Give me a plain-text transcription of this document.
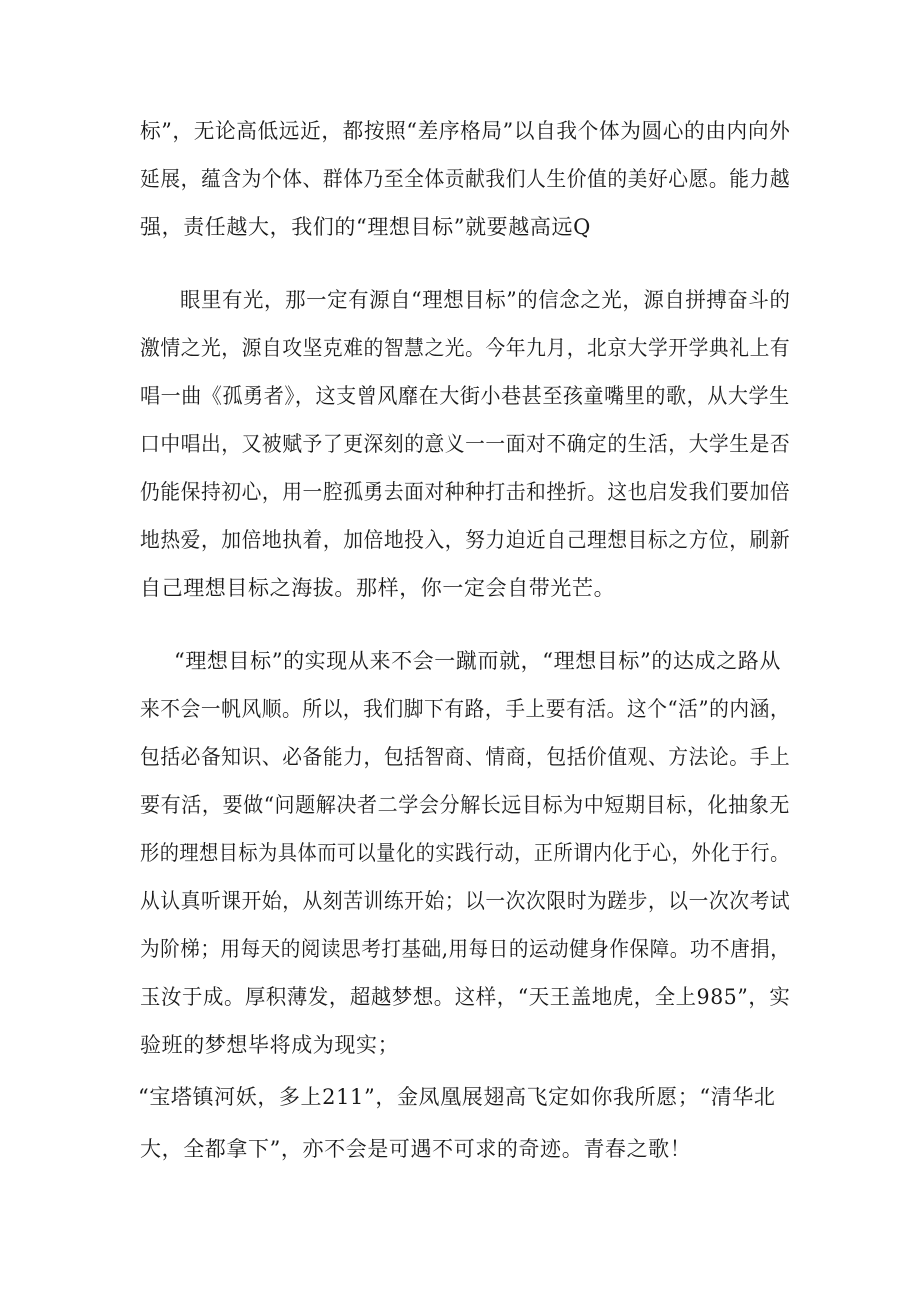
标”，无论高低远近，都按照“差序格局”以自我个体为圆心的由内向外
延展，蕴含为个体、群体乃至全体贡献我们人生价值的美好心愿。能力越
强，责任越大，我们的“理想目标”就要越高远Q
眼里有光，那一定有源自“理想目标”的信念之光，源自拼搏奋斗的
激情之光，源自攻坚克难的智慧之光。今年九月，北京大学开学典礼上有
唱一曲《孤勇者》，这支曾风靡在大街小巷甚至孩童嘴里的歌，从大学生
口中唱出，又被赋予了更深刻的意义一一面对不确定的生活，大学生是否
仍能保持初心，用一腔孤勇去面对种种打击和挫折。这也启发我们要加倍
地热爱，加倍地执着，加倍地投入，努力迫近自己理想目标之方位，刷新
自己理想目标之海拔。那样，你一定会自带光芒。
“理想目标”的实现从来不会一蹴而就，“理想目标”的达成之路从
来不会一帆风顺。所以，我们脚下有路，手上要有活。这个“活”的内涵，
包括必备知识、必备能力，包括智商、情商，包括价值观、方法论。手上
要有活，要做“问题解决者二学会分解长远目标为中短期目标，化抽象无
形的理想目标为具体而可以量化的实践行动，正所谓内化于心，外化于行。
从认真听课开始，从刻苦训练开始；以一次次限时为蹉步，以一次次考试
为阶梯；用每天的阅读思考打基础,用每日的运动健身作保障。功不唐捐，
玉汝于成。厚积薄发，超越梦想。这样，“天王盖地虎，全上985”，实
验班的梦想毕将成为现实；
“宝塔镇河妖，多上211”，金凤凰展翅高飞定如你我所愿；“清华北
大，全都拿下”，亦不会是可遇不可求的奇迹。青春之歌！
